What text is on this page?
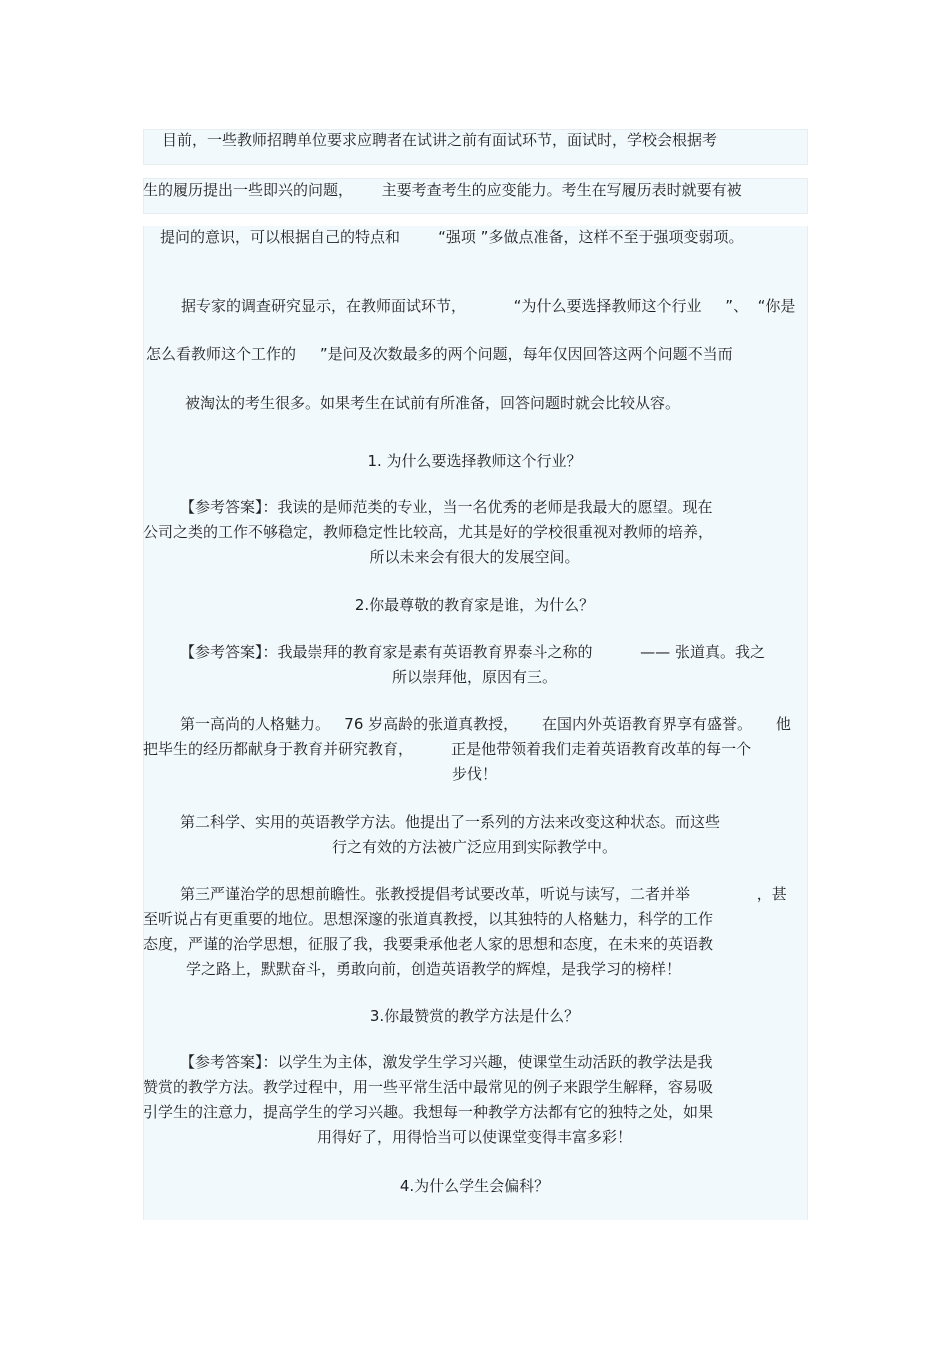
目前，一些教师招聘单位要求应聘者在试讲之前有面试环节，面试时，学校会根据考
生的履历提出一些即兴的问题，      主要考查考生的应变能力。考生在写履历表时就要有被
提问的意识，可以根据自己的特点和        “强项 ”多做点准备，这样不至于强项变弱项。
据专家的调查研究显示，在教师面试环节，          “为什么要选择教师这个行业     ”、  “你是
怎么看教师这个工作的     ”是问及次数最多的两个问题，每年仅因回答这两个问题不当而
被淘汰的考生很多。如果考生在试前有所准备，回答问题时就会比较从容。
1. 为什么要选择教师这个行业？
【参考答案】：我读的是师范类的专业，当一名优秀的老师是我最大的愿望。现在
公司之类的工作不够稳定，教师稳定性比较高，尤其是好的学校很重视对教师的培养，
所以未来会有很大的发展空间。
2.你最尊敬的教育家是谁，为什么？
【参考答案】：我最崇拜的教育家是素有英语教育界泰斗之称的          —— 张道真。我之
所以崇拜他，原因有三。
第一高尚的人格魅力。   76 岁高龄的张道真教授，     在国内外英语教育界享有盛誉。     他
把毕生的经历都献身于教育并研究教育，        正是他带领着我们走着英语教育改革的每一个
步伐！
第二科学、实用的英语教学方法。他提出了一系列的方法来改变这种状态。而这些
行之有效的方法被广泛应用到实际教学中。
第三严谨治学的思想前瞻性。张教授提倡考试要改革，听说与读写，二者并举              ，甚
至听说占有更重要的地位。思想深邃的张道真教授，以其独特的人格魅力，科学的工作
态度，严谨的治学思想，征服了我，我要秉承他老人家的思想和态度，在未来的英语教
学之路上，默默奋斗，勇敢向前，创造英语教学的辉煌，是我学习的榜样！
3.你最赞赏的教学方法是什么？
【参考答案】：以学生为主体，激发学生学习兴趣，使课堂生动活跃的教学法是我
赞赏的教学方法。教学过程中，用一些平常生活中最常见的例子来跟学生解释，容易吸
引学生的注意力，提高学生的学习兴趣。我想每一种教学方法都有它的独特之处，如果
用得好了，用得恰当可以使课堂变得丰富多彩！
4.为什么学生会偏科？
